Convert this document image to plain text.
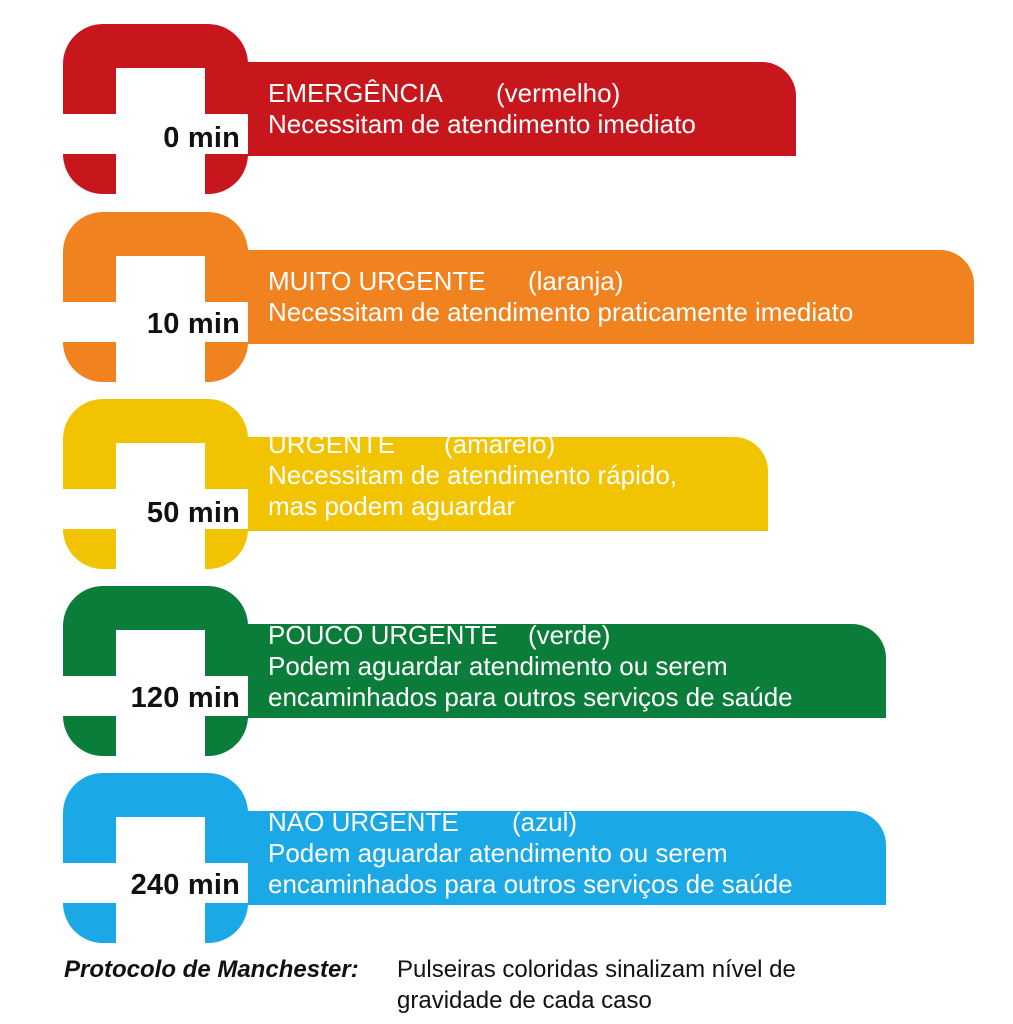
0 min
EMERGÊNCIA (vermelho)
Necessitam de atendimento imediato
10 min
MUITO URGENTE (laranja)
Necessitam de atendimento praticamente imediato
50 min
URGENTE (amarelo)
Necessitam de atendimento rápido,
mas podem aguardar
120 min
POUCO URGENTE (verde)
Podem aguardar atendimento ou serem
encaminhados para outros serviços de saúde
240 min
NÃO URGENTE (azul)
Podem aguardar atendimento ou serem
encaminhados para outros serviços de saúde
Protocolo de Manchester: Pulseiras coloridas sinalizam nível de
gravidade de cada caso
